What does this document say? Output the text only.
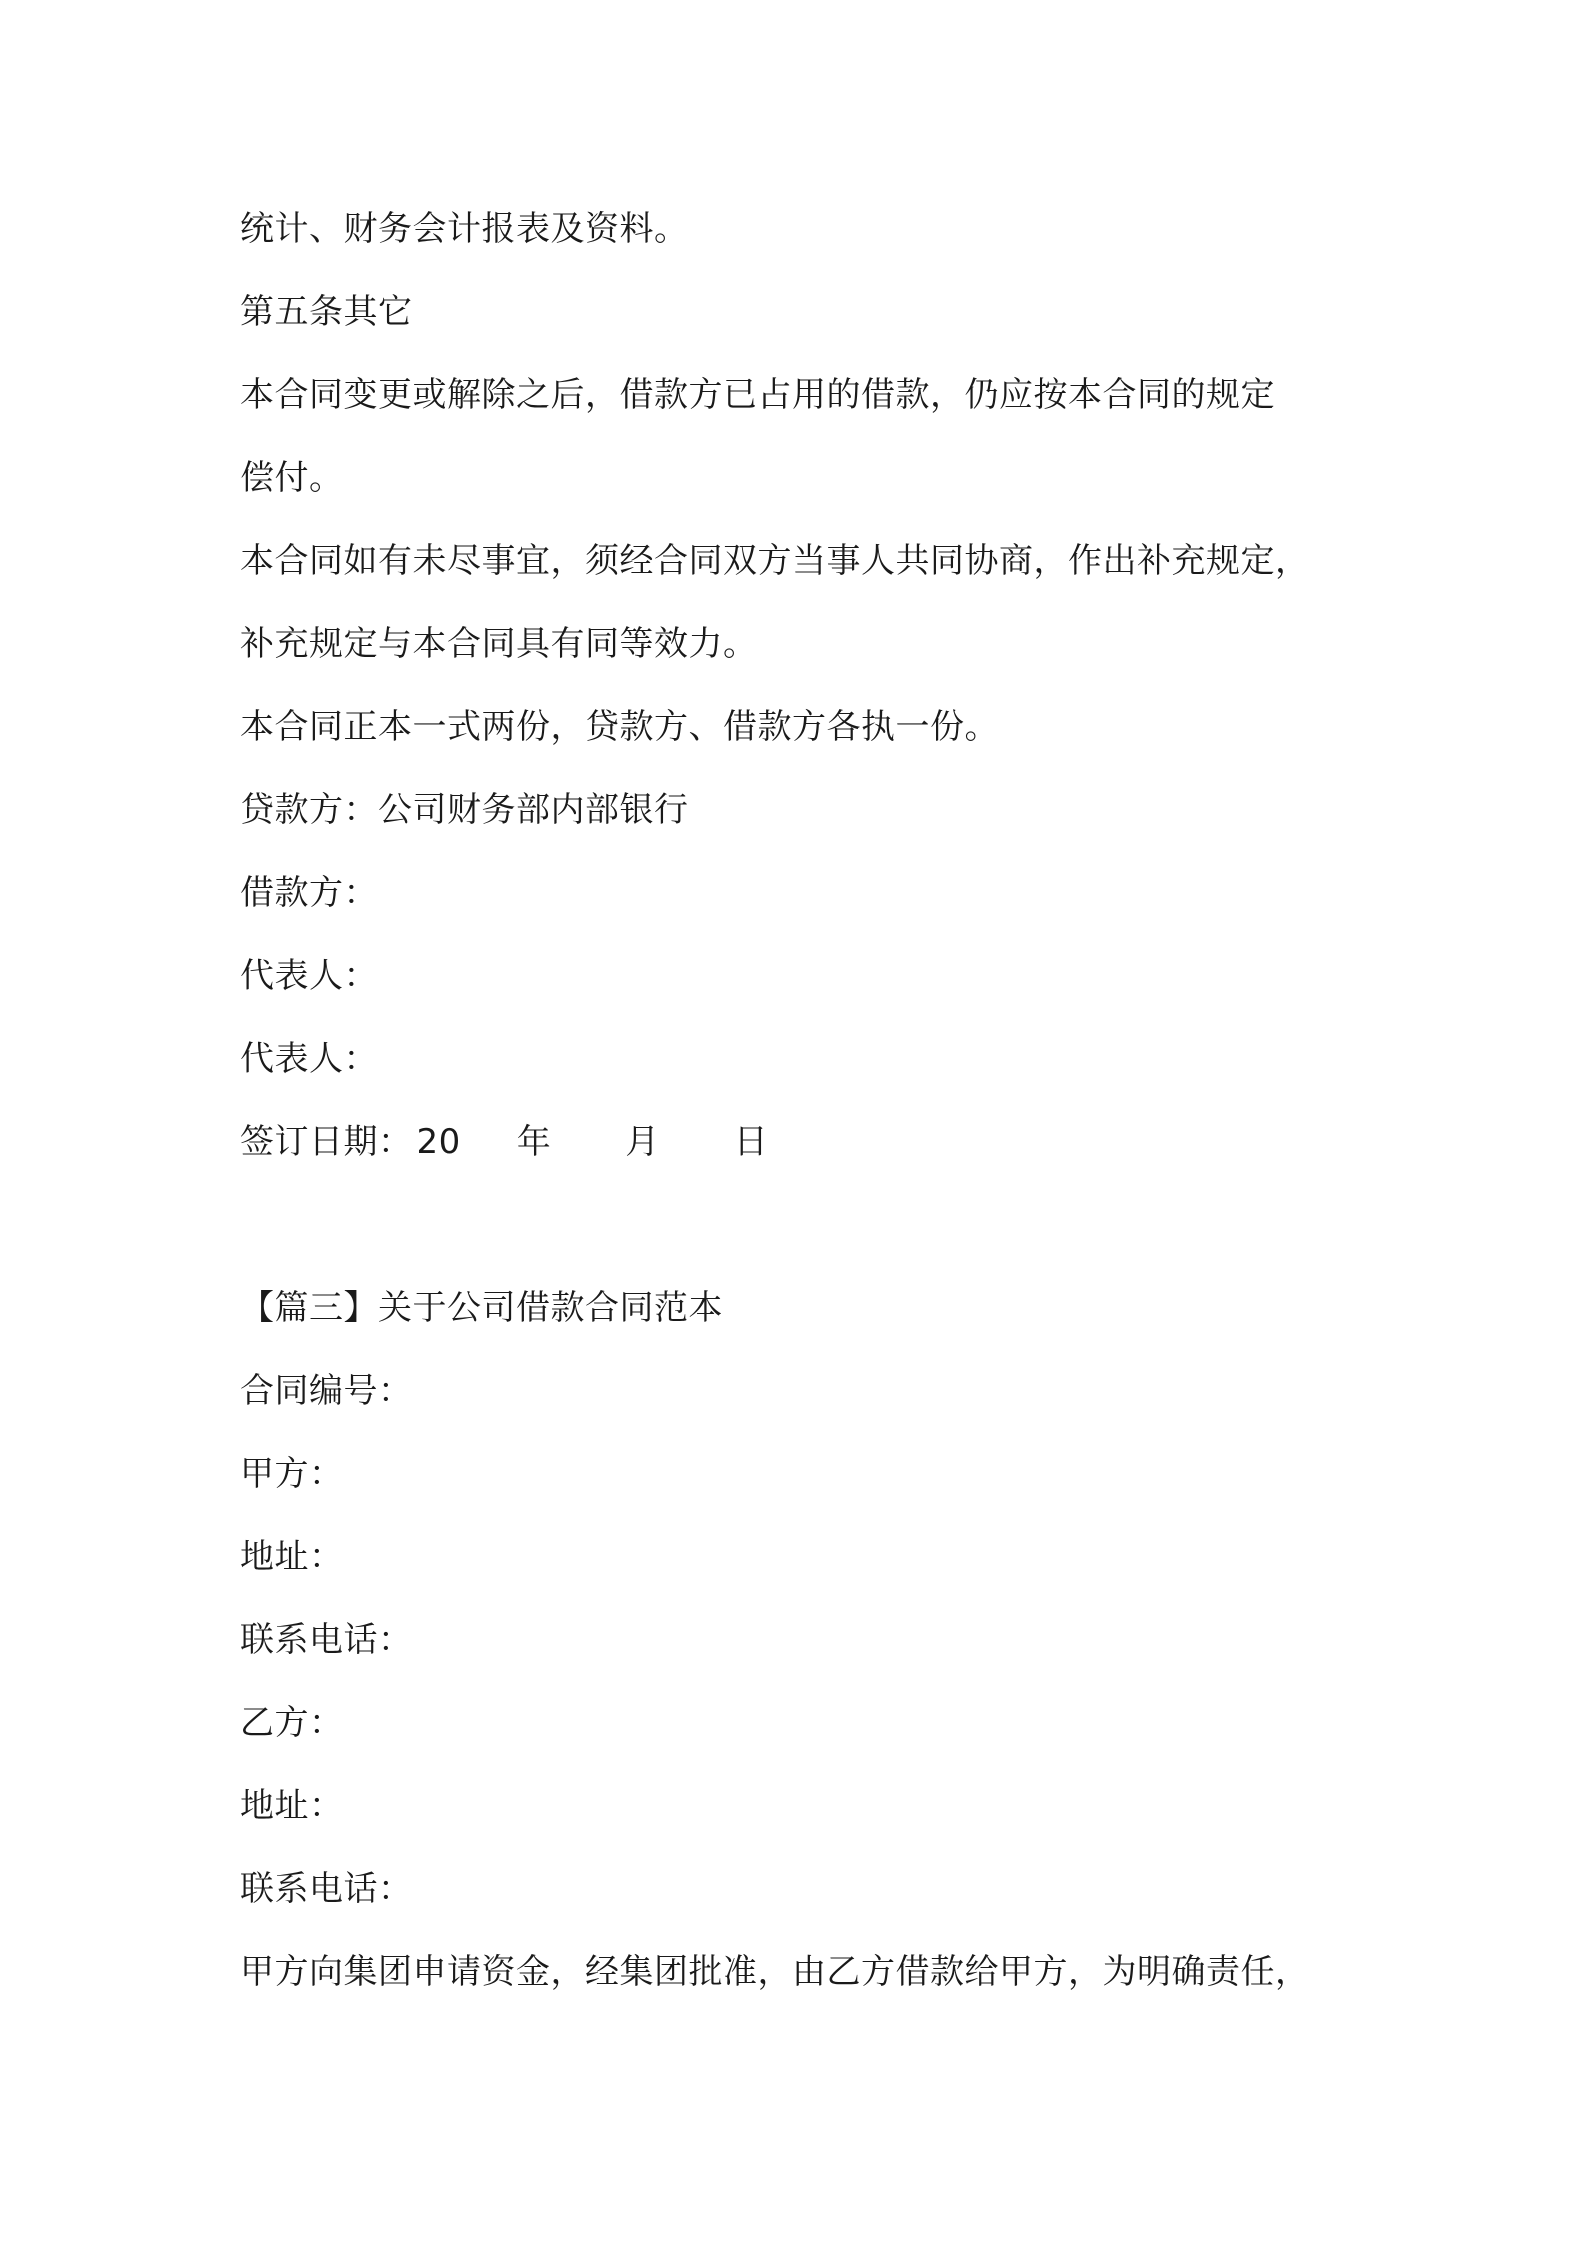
统计、财务会计报表及资料。

第五条其它

本合同变更或解除之后，借款方已占用的借款，仍应按本合同的规定

偿付。

本合同如有未尽事宜，须经合同双方当事人共同协商，作出补充规定，

补充规定与本合同具有同等效力。

本合同正本一式两份，贷款方、借款方各执一份。

贷款方：公司财务部内部银行

借款方：

代表人：

代表人：

签订日期： 20 年 月 日

【篇三】关于公司借款合同范本

合同编号：

甲方：

地址：

联系电话：

乙方：

地址：

联系电话：

甲方向集团申请资金，经集团批准，由乙方借款给甲方，为明确责任，
